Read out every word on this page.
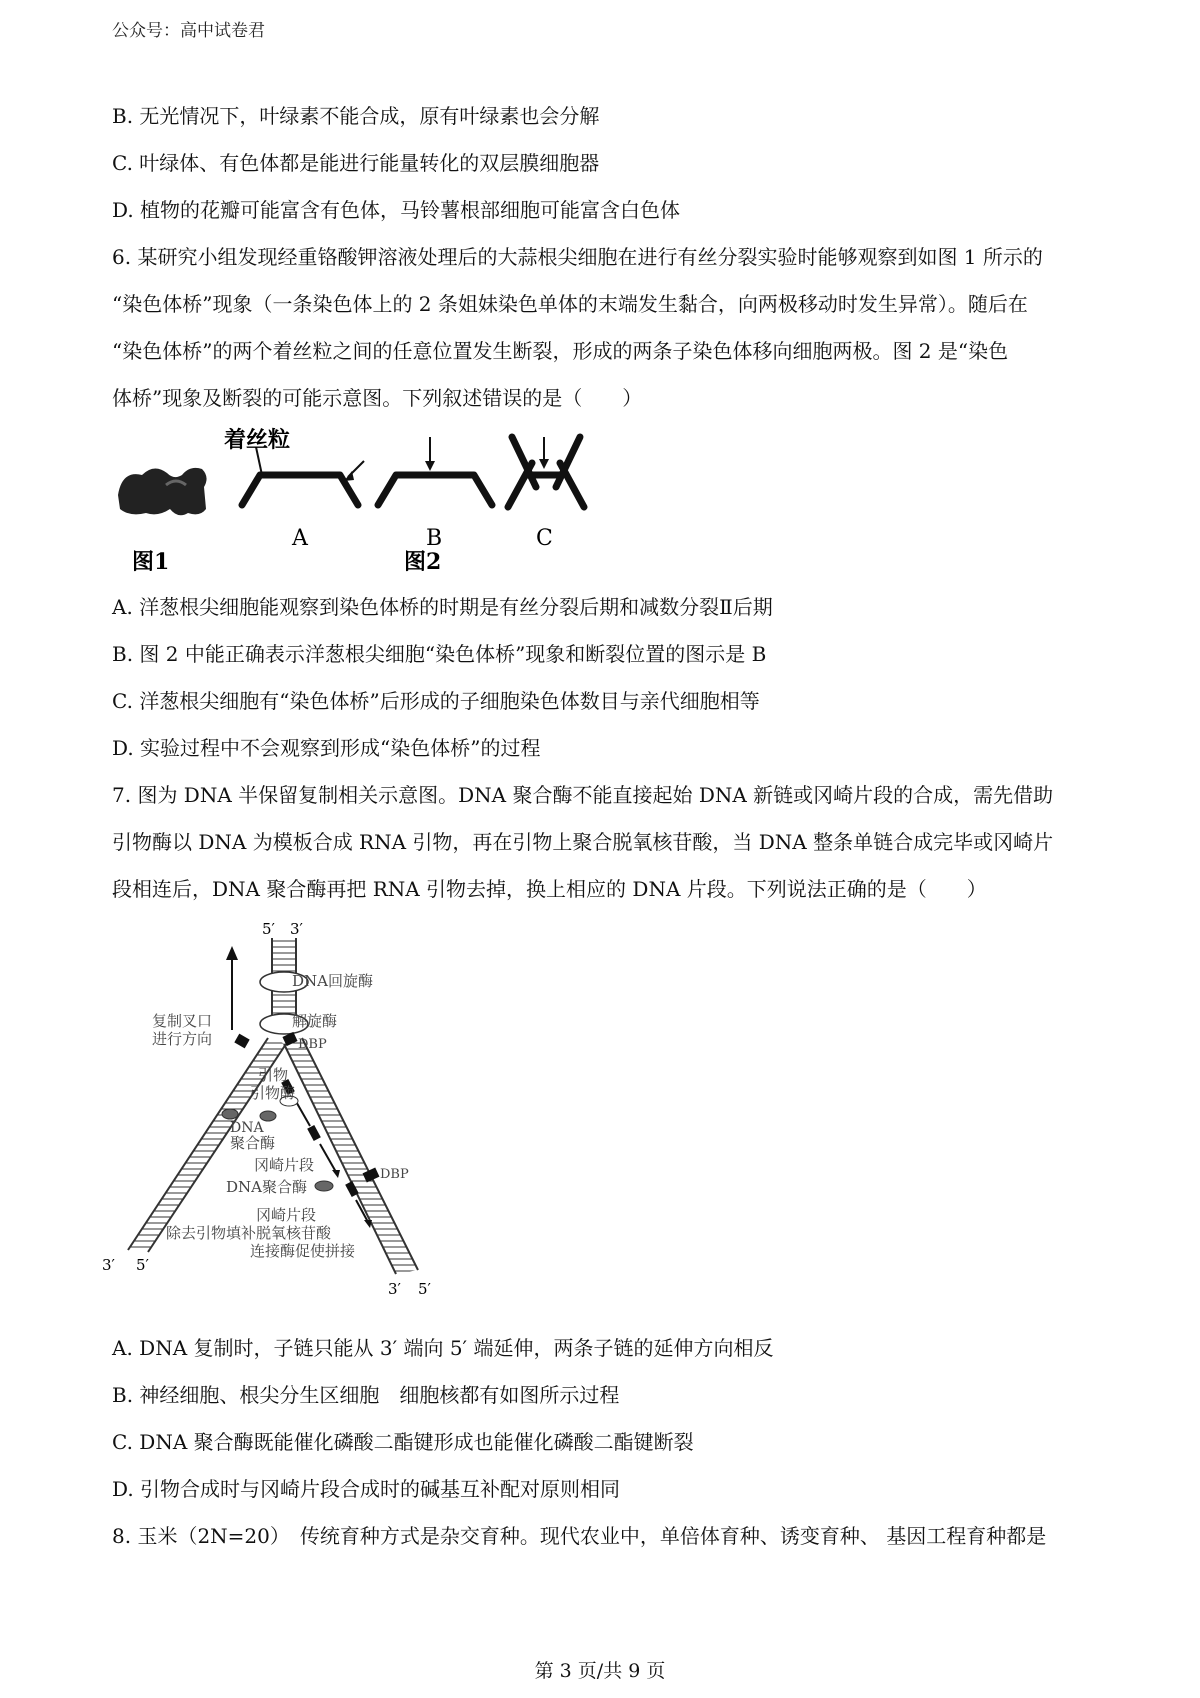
公众号：高中试卷君
B. 无光情况下，叶绿素不能合成，原有叶绿素也会分解
C. 叶绿体、有色体都是能进行能量转化的双层膜细胞器
D. 植物的花瓣可能富含有色体，马铃薯根部细胞可能富含白色体
6. 某研究小组发现经重铬酸钾溶液处理后的大蒜根尖细胞在进行有丝分裂实验时能够观察到如图 1 所示的
“染色体桥”现象（一条染色体上的 2 条姐妹染色单体的末端发生黏合，向两极移动时发生异常）。随后在
“染色体桥”的两个着丝粒之间的任意位置发生断裂，形成的两条子染色体移向细胞两极。图 2 是“染色
体桥”现象及断裂的可能示意图。下列叙述错误的是（　　）
着丝粒
A	B	C
图1	图2
A. 洋葱根尖细胞能观察到染色体桥的时期是有丝分裂后期和减数分裂Ⅱ后期
B. 图 2 中能正确表示洋葱根尖细胞“染色体桥”现象和断裂位置的图示是 B
C. 洋葱根尖细胞有“染色体桥”后形成的子细胞染色体数目与亲代细胞相等
D. 实验过程中不会观察到形成“染色体桥”的过程
7. 图为 DNA 半保留复制相关示意图。DNA 聚合酶不能直接起始 DNA 新链或冈崎片段的合成，需先借助
引物酶以 DNA 为模板合成 RNA 引物，再在引物上聚合脱氧核苷酸，当 DNA 整条单链合成完毕或冈崎片
段相连后，DNA 聚合酶再把 RNA 引物去掉，换上相应的 DNA 片段。下列说法正确的是（　　）
5′ 3′
DNA回旋酶
解旋酶
复制叉口
进行方向	DBP
引物
引物酶
DNA
聚合酶
冈崎片段
DBP
DNA聚合酶
冈崎片段
除去引物填补脱氧核苷酸
连接酶促使拼接
3′ 5′
3′ 5′
A. DNA 复制时，子链只能从 3′ 端向 5′ 端延伸，两条子链的延伸方向相反
B. 神经细胞、根尖分生区细胞　细胞核都有如图所示过程
C. DNA 聚合酶既能催化磷酸二酯键形成也能催化磷酸二酯键断裂
D. 引物合成时与冈崎片段合成时的碱基互补配对原则相同
8. 玉米（2N=20）　传统育种方式是杂交育种。现代农业中，单倍体育种、诱变育种、 基因工程育种都是
第 3 页/共 9 页
